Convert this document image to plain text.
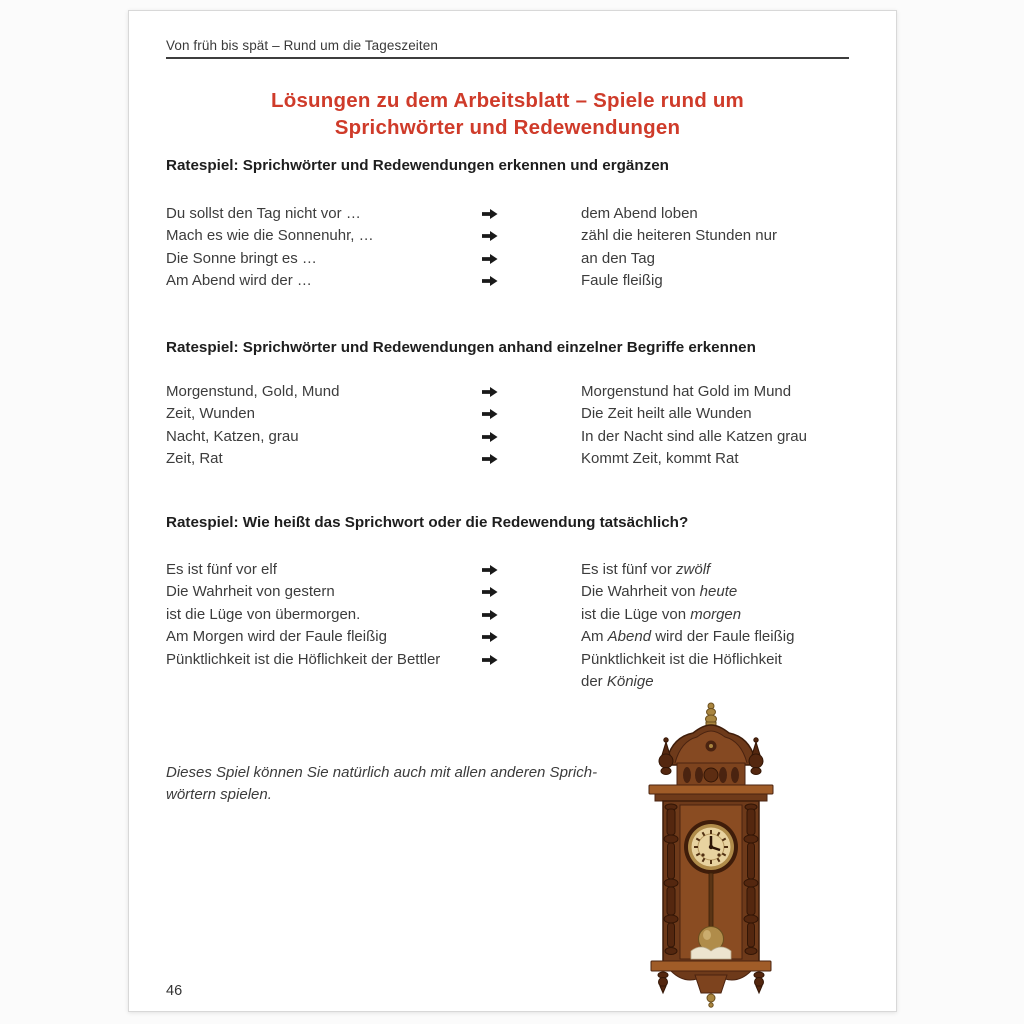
Von früh bis spät – Rund um die Tageszeiten
Lösungen zu dem Arbeitsblatt – Spiele rund um
Sprichwörter und Redewendungen
Ratespiel: Sprichwörter und Redewendungen erkennen und ergänzen
Du sollst den Tag nicht vor …	dem Abend loben
Mach es wie die Sonnenuhr, …	zähl die heiteren Stunden nur
Die Sonne bringt es …	an den Tag
Am Abend wird der …	Faule fleißig
Ratespiel: Sprichwörter und Redewendungen anhand einzelner Begriffe erkennen
Morgenstund, Gold, Mund	Morgenstund hat Gold im Mund
Zeit, Wunden	Die Zeit heilt alle Wunden
Nacht, Katzen, grau	In der Nacht sind alle Katzen grau
Zeit, Rat	Kommt Zeit, kommt Rat
Ratespiel: Wie heißt das Sprichwort oder die Redewendung tatsächlich?
Es ist fünf vor elf	Es ist fünf vor zwölf
Die Wahrheit von gestern	Die Wahrheit von heute
ist die Lüge von übermorgen.	ist die Lüge von morgen
Am Morgen wird der Faule fleißig	Am Abend wird der Faule fleißig
Pünktlichkeit ist die Höflichkeit der Bettler	Pünktlichkeit ist die Höflichkeit
der Könige
Dieses Spiel können Sie natürlich auch mit allen anderen Sprich-
wörtern spielen.
46
